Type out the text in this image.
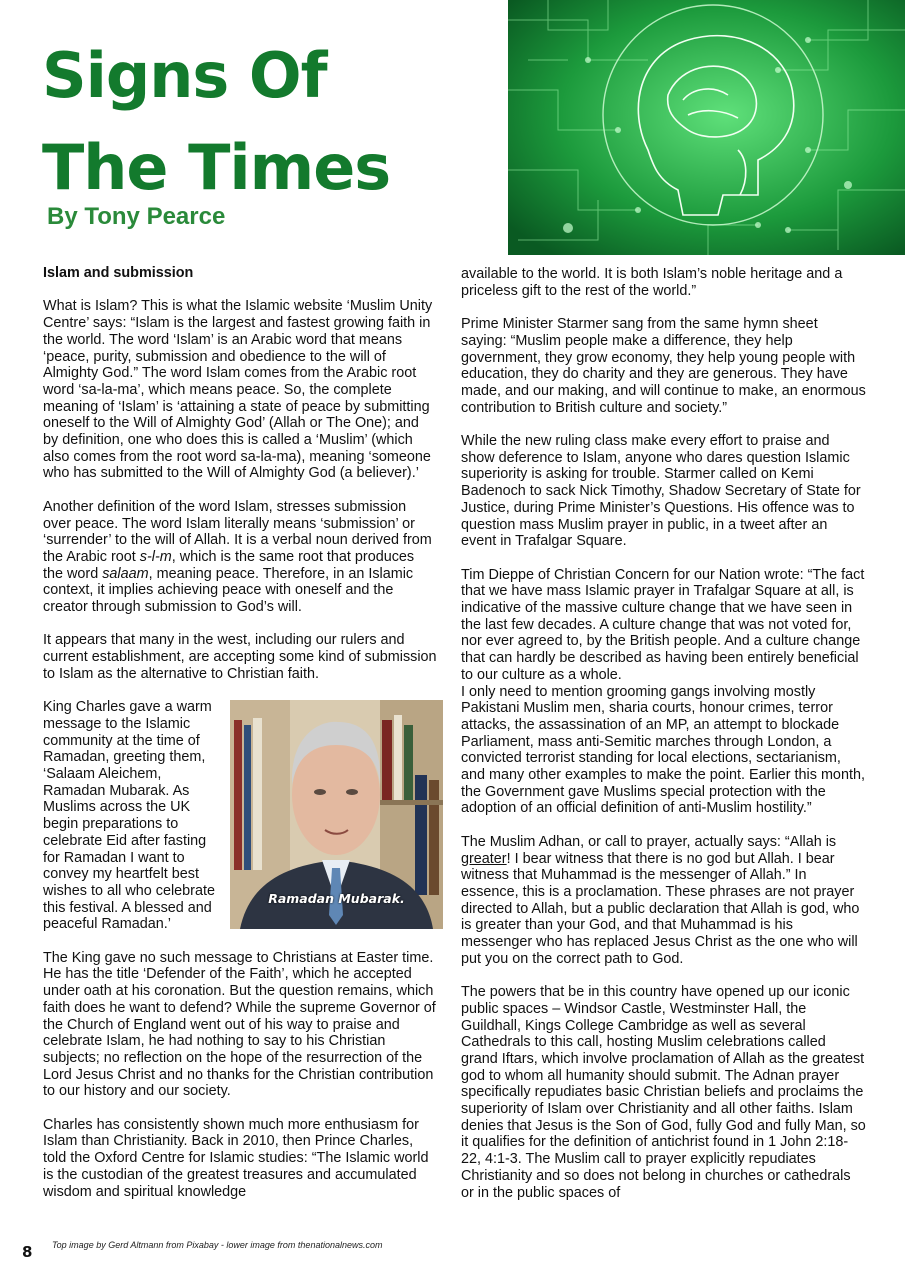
Signs Of
The Times
By Tony Pearce

Islam and submission

What is Islam? This is what the Islamic website ‘Muslim Unity Centre’ says: “Islam is the largest and fastest growing faith in the world. The word ‘Islam’ is an Arabic word that means ‘peace, purity, submission and obedience to the will of Almighty God.” The word Islam comes from the Arabic root word ‘sa-la-ma’, which means peace. So, the complete meaning of ‘Islam’ is ‘attaining a state of peace by submitting oneself to the Will of Almighty God’ (Allah or The One); and by definition, one who does this is called a ‘Muslim’ (which also comes from the root word sa-la-ma), meaning ‘someone who has submitted to the Will of Almighty God (a believer).’

Another definition of the word Islam, stresses submission over peace. The word Islam literally means ‘submission’ or ‘surrender’ to the will of Allah. It is a verbal noun derived from the Arabic root s-l-m, which is the same root that produces the word salaam, meaning peace. Therefore, in an Islamic context, it implies achieving peace with oneself and the creator through submission to God’s will.

It appears that many in the west, including our rulers and current establishment, are accepting some kind of submission to Islam as the alternative to Christian faith.

Ramadan Mubarak.

King Charles gave a warm message to the Islamic community at the time of Ramadan, greeting them, ‘Salaam Aleichem, Ramadan Mubarak. As Muslims across the UK begin preparations to celebrate Eid after fasting for Ramadan I want to convey my heartfelt best wishes to all who celebrate this festival. A blessed and peaceful Ramadan.’

The King gave no such message to Christians at Easter time. He has the title ‘Defender of the Faith’, which he accepted under oath at his coronation. But the question remains, which faith does he want to defend? While the supreme Governor of the Church of England went out of his way to praise and celebrate Islam, he had nothing to say to his Christian subjects; no reflection on the hope of the resurrection of the Lord Jesus Christ and no thanks for the Christian contribution to our history and our society.

Charles has consistently shown much more enthusiasm for Islam than Christianity. Back in 2010, then Prince Charles, told the Oxford Centre for Islamic studies: “The Islamic world is the custodian of the greatest treasures and accumulated wisdom and spiritual knowledge

available to the world. It is both Islam’s noble heritage and a priceless gift to the rest of the world.”

Prime Minister Starmer sang from the same hymn sheet saying: “Muslim people make a difference, they help government, they grow economy, they help young people with education, they do charity and they are generous. They have made, and our making, and will continue to make, an enormous contribution to British culture and society.”

While the new ruling class make every effort to praise and show deference to Islam, anyone who dares question Islamic superiority is asking for trouble. Starmer called on Kemi Badenoch to sack Nick Timothy, Shadow Secretary of State for Justice, during Prime Minister’s Questions. His offence was to question mass Muslim prayer in public, in a tweet after an event in Trafalgar Square.

Tim Dieppe of Christian Concern for our Nation wrote: “The fact that we have mass Islamic prayer in Trafalgar Square at all, is indicative of the massive culture change that we have seen in the last few decades. A culture change that was not voted for, nor ever agreed to, by the British people. And a culture change that can hardly be described as having been entirely beneficial to our culture as a whole.

I only need to mention grooming gangs involving mostly Pakistani Muslim men, sharia courts, honour crimes, terror attacks, the assassination of an MP, an attempt to blockade Parliament, mass anti-Semitic marches through London, a convicted terrorist standing for local elections, sectarianism, and many other examples to make the point. Earlier this month, the Government gave Muslims special protection with the adoption of an official definition of anti-Muslim hostility.”

The Muslim Adhan, or call to prayer, actually says: “Allah is greater! I bear witness that there is no god but Allah. I bear witness that Muhammad is the messenger of Allah.” In essence, this is a proclamation. These phrases are not prayer directed to Allah, but a public declaration that Allah is god, who is greater than your God, and that Muhammad is his messenger who has replaced Jesus Christ as the one who will put you on the correct path to God.

The powers that be in this country have opened up our iconic public spaces – Windsor Castle, Westminster Hall, the Guildhall, Kings College Cambridge as well as several Cathedrals to this call, hosting Muslim celebrations called grand Iftars, which involve proclamation of Allah as the greatest god to whom all humanity should submit. The Adnan prayer specifically repudiates basic Christian beliefs and proclaims the superiority of Islam over Christianity and all other faiths. Islam denies that Jesus is the Son of God, fully God and fully Man, so it qualifies for the definition of antichrist found in 1 John 2:18-22, 4:1-3. The Muslim call to prayer explicitly repudiates Christianity and so does not belong in churches or cathedrals or in the public spaces of

8 Top image by Gerd Altmann from Pixabay - lower image from thenationalnews.com
